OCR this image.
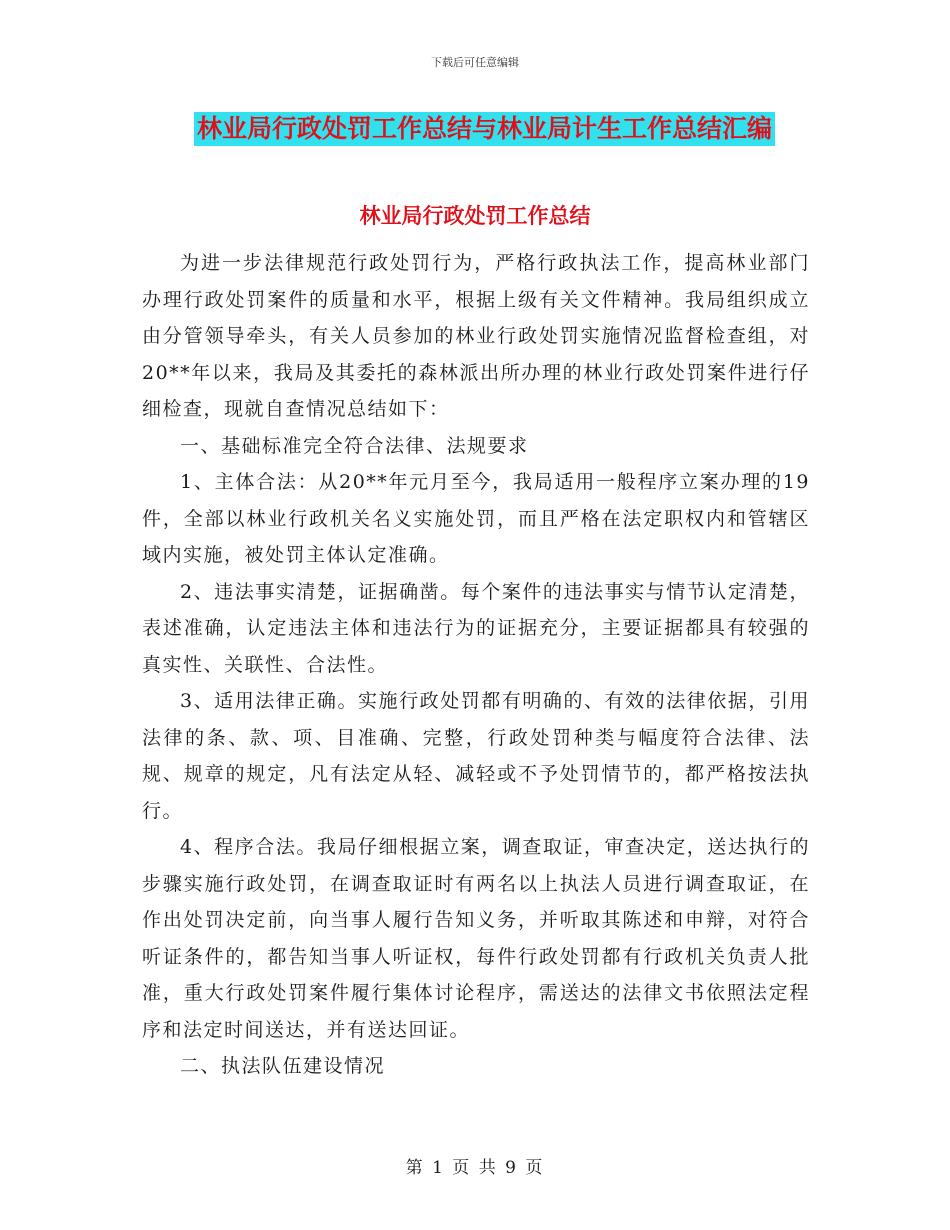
下载后可任意编辑
林业局行政处罚工作总结与林业局计生工作总结汇编
林业局行政处罚工作总结

为进一步法律规范行政处罚行为，严格行政执法工作，提高林业部门办理行政处罚案件的质量和水平，根据上级有关文件精神。我局组织成立由分管领导牵头，有关人员参加的林业行政处罚实施情况监督检查组，对20**年以来，我局及其委托的森林派出所办理的林业行政处罚案件进行仔细检查，现就自查情况总结如下：

一、基础标准完全符合法律、法规要求

1、主体合法：从20**年元月至今，我局适用一般程序立案办理的19件，全部以林业行政机关名义实施处罚，而且严格在法定职权内和管辖区域内实施，被处罚主体认定准确。

2、违法事实清楚，证据确凿。每个案件的违法事实与情节认定清楚，表述准确，认定违法主体和违法行为的证据充分，主要证据都具有较强的真实性、关联性、合法性。

3、适用法律正确。实施行政处罚都有明确的、有效的法律依据，引用法律的条、款、项、目准确、完整，行政处罚种类与幅度符合法律、法规、规章的规定，凡有法定从轻、减轻或不予处罚情节的，都严格按法执行。

4、程序合法。我局仔细根据立案，调查取证，审查决定，送达执行的步骤实施行政处罚，在调查取证时有两名以上执法人员进行调查取证，在作出处罚决定前，向当事人履行告知义务，并听取其陈述和申辩，对符合听证条件的，都告知当事人听证权，每件行政处罚都有行政机关负责人批准，重大行政处罚案件履行集体讨论程序，需送达的法律文书依照法定程序和法定时间送达，并有送达回证。

二、执法队伍建设情况

第 1 页 共 9 页
